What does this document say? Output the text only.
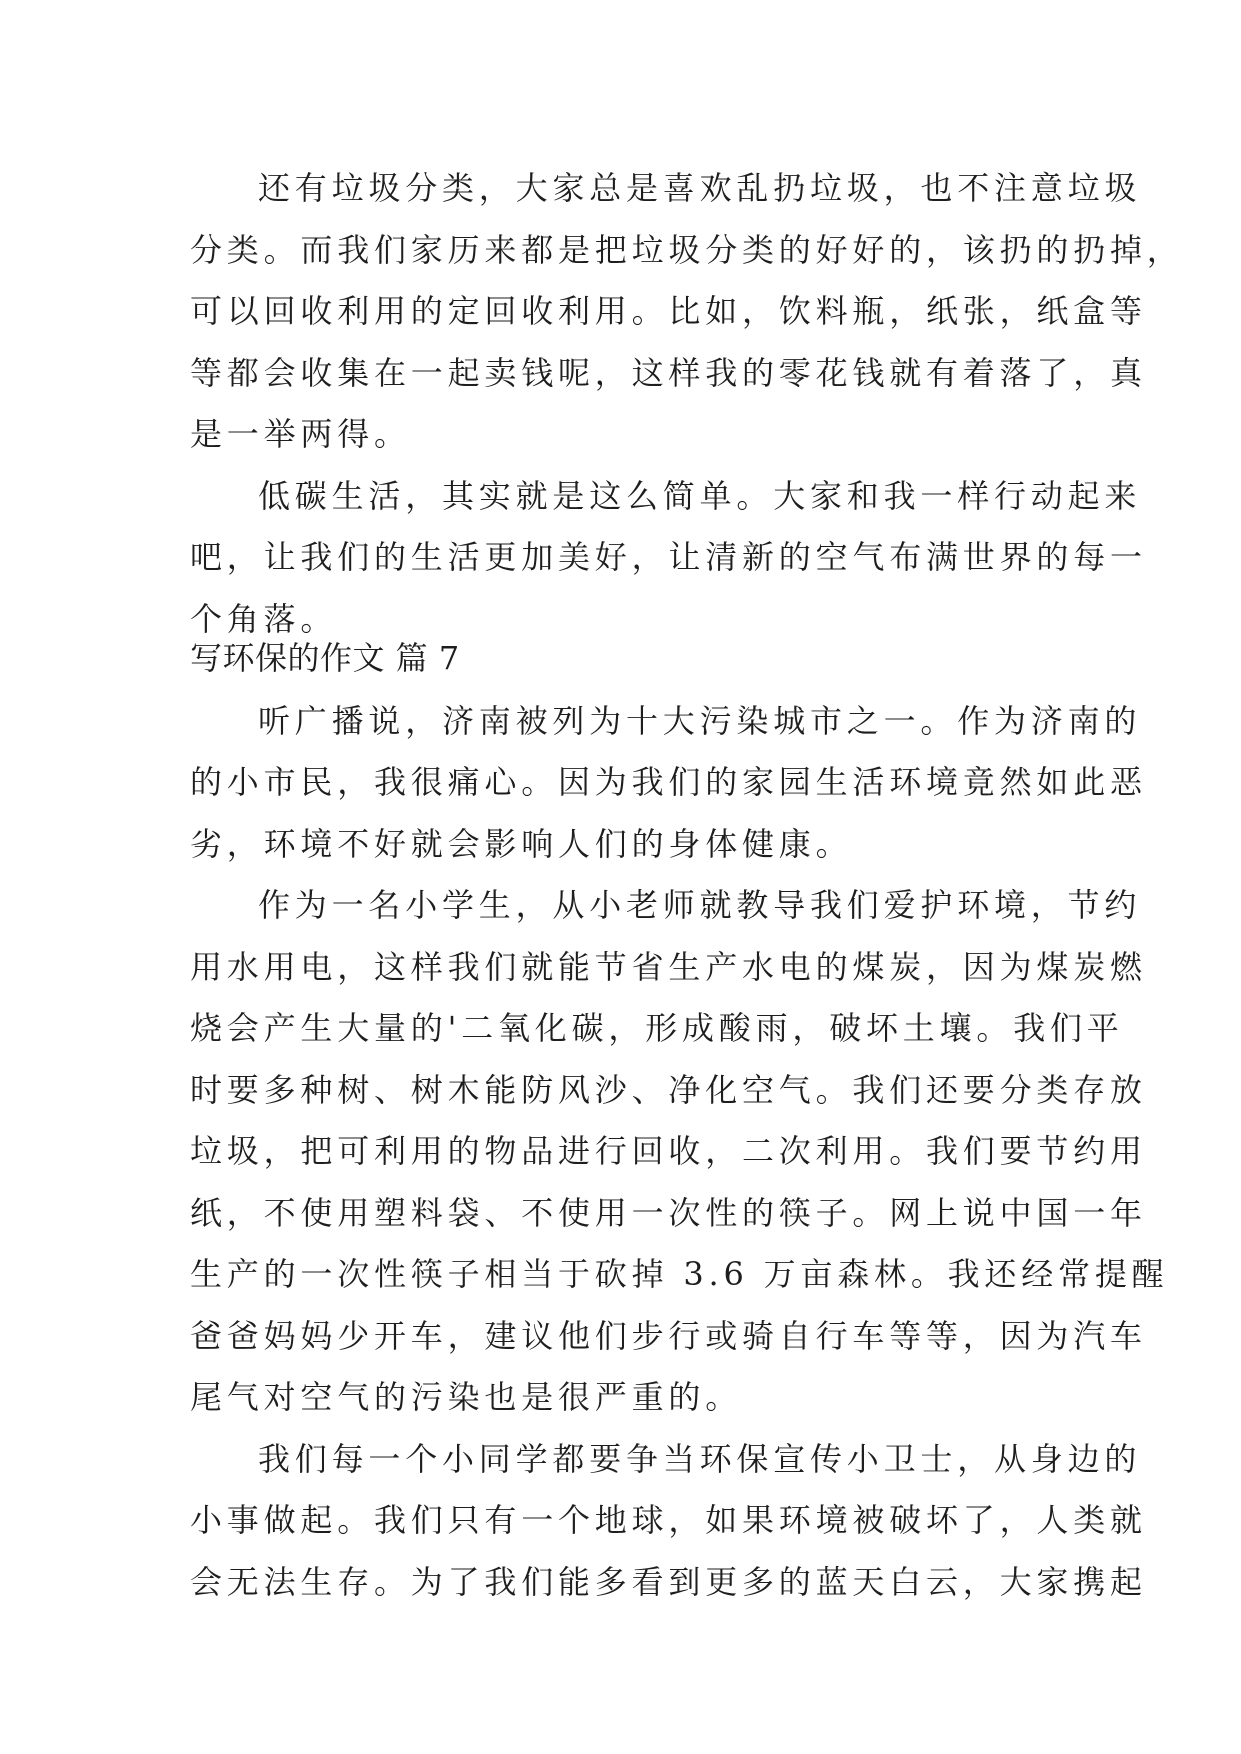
还有垃圾分类，大家总是喜欢乱扔垃圾，也不注意垃圾
分类。而我们家历来都是把垃圾分类的好好的，该扔的扔掉，
可以回收利用的定回收利用。比如，饮料瓶，纸张，纸盒等
等都会收集在一起卖钱呢，这样我的零花钱就有着落了，真
是一举两得。
低碳生活，其实就是这么简单。大家和我一样行动起来
吧，让我们的生活更加美好，让清新的空气布满世界的每一
个角落。
写环保的作文 篇 7
听广播说，济南被列为十大污染城市之一。作为济南的
的小市民，我很痛心。因为我们的家园生活环境竟然如此恶
劣，环境不好就会影响人们的身体健康。
作为一名小学生，从小老师就教导我们爱护环境，节约
用水用电，这样我们就能节省生产水电的煤炭，因为煤炭燃
烧会产生大量的'二氧化碳，形成酸雨，破坏土壤。我们平
时要多种树、树木能防风沙、净化空气。我们还要分类存放
垃圾，把可利用的物品进行回收，二次利用。我们要节约用
纸，不使用塑料袋、不使用一次性的筷子。网上说中国一年
生产的一次性筷子相当于砍掉 3.6 万亩森林。我还经常提醒
爸爸妈妈少开车，建议他们步行或骑自行车等等，因为汽车
尾气对空气的污染也是很严重的。
我们每一个小同学都要争当环保宣传小卫士，从身边的
小事做起。我们只有一个地球，如果环境被破坏了，人类就
会无法生存。为了我们能多看到更多的蓝天白云，大家携起
